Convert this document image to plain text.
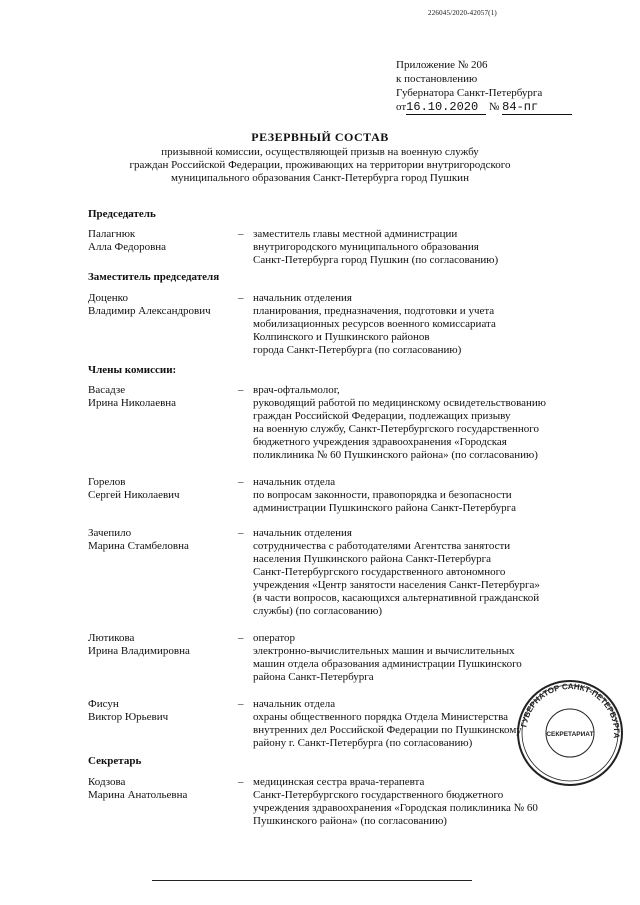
226045/2020-42057(1)
Приложение № 206
к постановлению
Губернатора Санкт-Петербурга
от16.10.2020 № 84-пг
РЕЗЕРВНЫЙ СОСТАВ
призывной комиссии, осуществляющей призыв на военную службу
граждан Российской Федерации, проживающих на территории внутригородского
муниципального образования Санкт-Петербурга город Пушкин
Председатель
Палагнюк
Алла Федоровна
– заместитель главы местной администрации
внутригородского муниципального образования
Санкт-Петербурга город Пушкин (по согласованию)
Заместитель председателя
Доценко
Владимир Александрович
– начальник отделения
планирования, предназначения, подготовки и учета
мобилизационных ресурсов военного комиссариата
Колпинского и Пушкинского районов
города Санкт-Петербурга (по согласованию)
Члены комиссии:
Васадзе
Ирина Николаевна
– врач-офтальмолог,
руководящий работой по медицинскому освидетельствованию
граждан Российской Федерации, подлежащих призыву
на военную службу, Санкт-Петербургского государственного
бюджетного учреждения здравоохранения «Городская
поликлиника № 60 Пушкинского района» (по согласованию)
Горелов
Сергей Николаевич
– начальник отдела
по вопросам законности, правопорядка и безопасности
администрации Пушкинского района Санкт-Петербурга
Зачепило
Марина Стамбеловна
– начальник отделения
сотрудничества с работодателями Агентства занятости
населения Пушкинского района Санкт-Петербурга
Санкт-Петербургского государственного автономного
учреждения «Центр занятости населения Санкт-Петербурга»
(в части вопросов, касающихся альтернативной гражданской
службы) (по согласованию)
Лютикова
Ирина Владимировна
– оператор
электронно-вычислительных машин и вычислительных
машин отдела образования администрации Пушкинского
района Санкт-Петербурга
Фисун
Виктор Юрьевич
– начальник отдела
охраны общественного порядка Отдела Министерства
внутренних дел Российской Федерации по Пушкинскому
району г. Санкт-Петербурга (по согласованию)
Секретарь
Кодзова
Марина Анатольевна
– медицинская сестра врача-терапевта
Санкт-Петербургского государственного бюджетного
учреждения здравоохранения «Городская поликлиника № 60
Пушкинского района» (по согласованию)
ГУБЕРНАТОР САНКТ-ПЕТЕРБУРГА
СЕКРЕТАРИАТ
